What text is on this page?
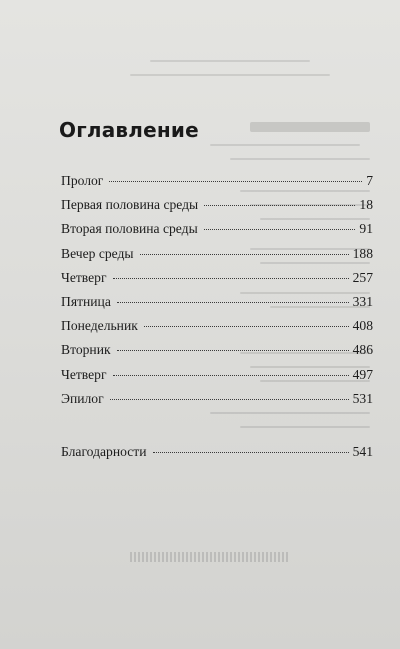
Оглавление
Пролог	7
Первая половина среды	18
Вторая половина среды	91
Вечер среды	188
Четверг	257
Пятница	331
Понедельник	408
Вторник	486
Четверг	497
Эпилог	531
Благодарности	541
